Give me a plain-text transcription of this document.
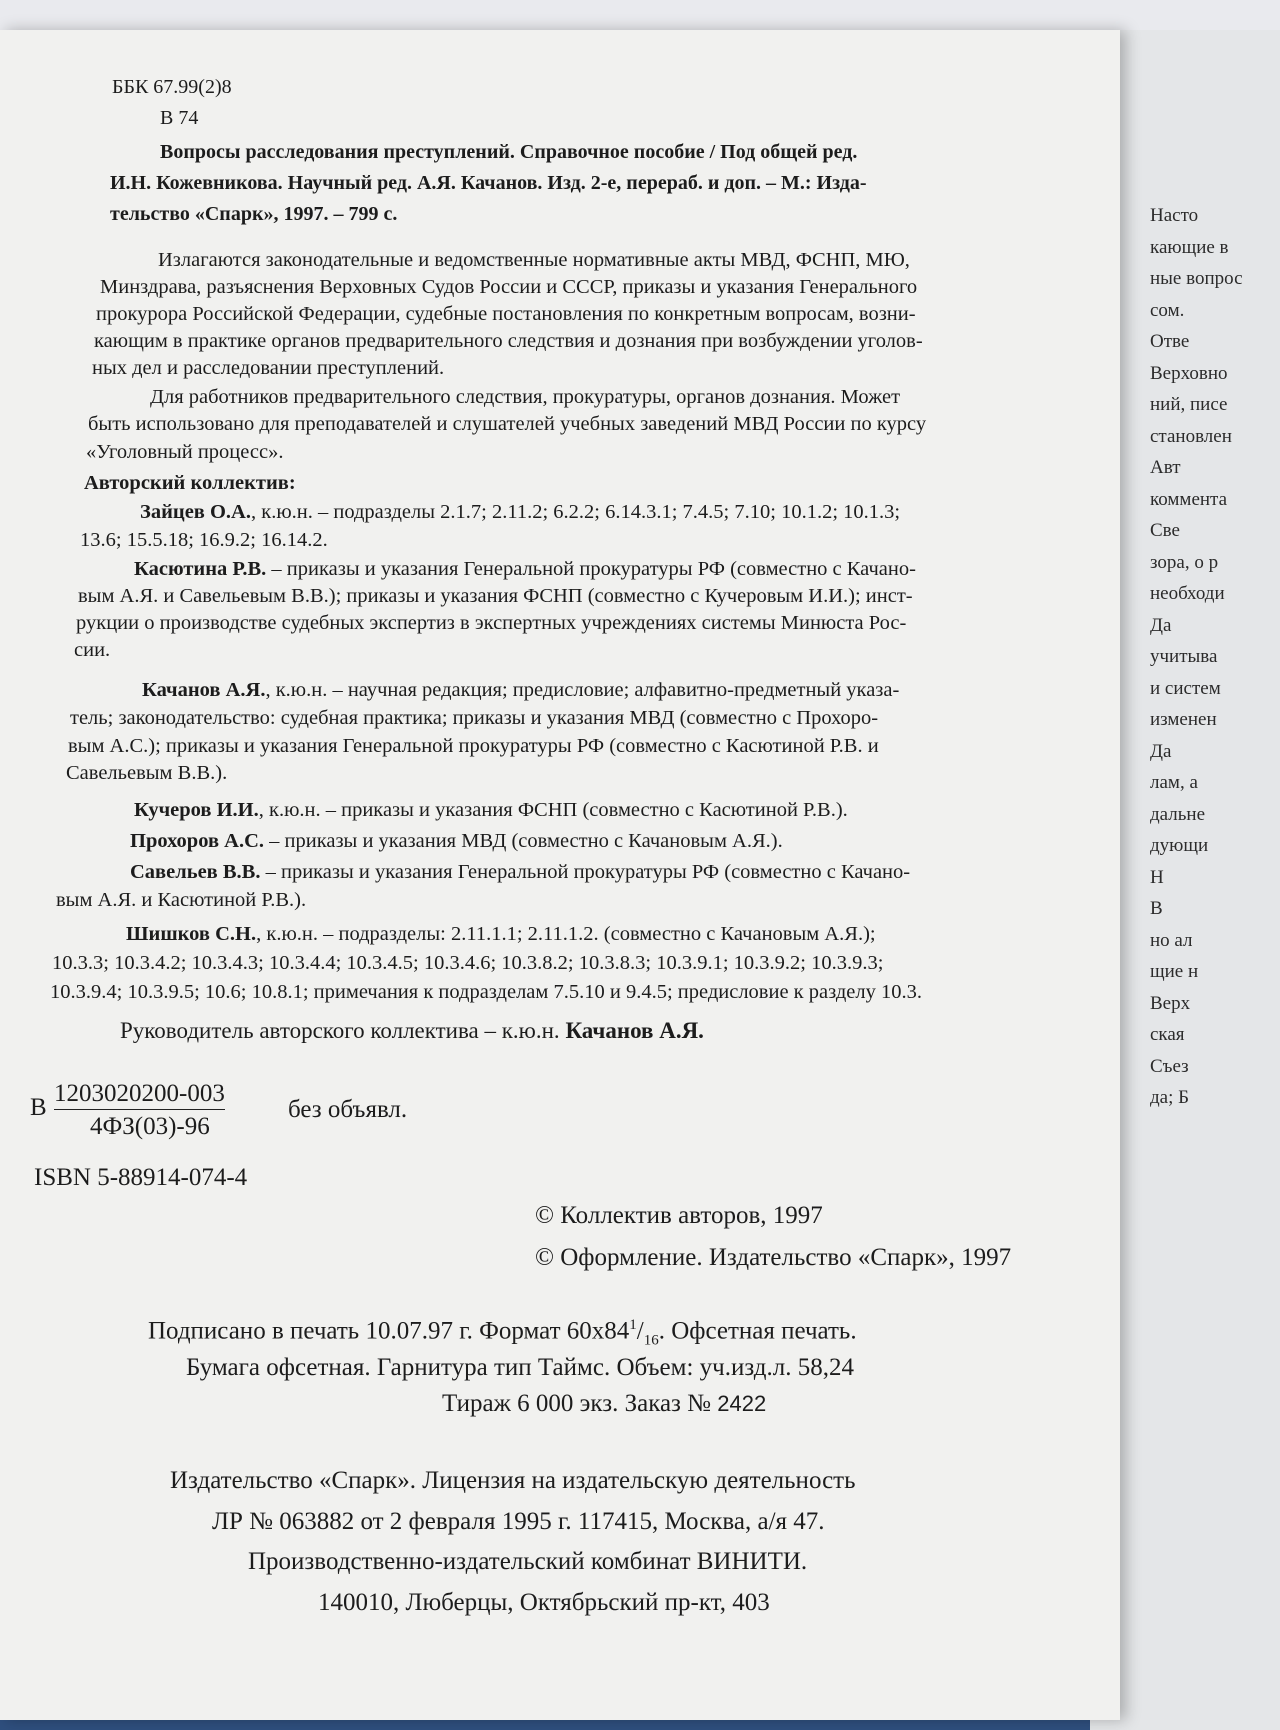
Насто
кающие в
ные вопрос
сом.
Отве
Верховно
ний, писе
становлен
Авт
коммента
Све
зора, о р
необходи
Да
учитыва
и систем
изменен
Да
лам, а
дальне
дующи
Н
В
но ал
щие н
Верх
ская
Съез
да; Б
ББК 67.99(2)8
В 74
Вопросы расследования преступлений. Справочное пособие / Под общей ред.
И.Н. Кожевникова. Научный ред. А.Я. Качанов. Изд. 2-е, перераб. и доп. – М.: Изда-
тельство «Спарк», 1997. – 799 с.
Излагаются законодательные и ведомственные нормативные акты МВД, ФСНП, МЮ,
Минздрава, разъяснения Верховных Судов России и СССР, приказы и указания Генерального
прокурора Российской Федерации, судебные постановления по конкретным вопросам, возни-
кающим в практике органов предварительного следствия и дознания при возбуждении уголов-
ных дел и расследовании преступлений.
Для работников предварительного следствия, прокуратуры, органов дознания. Может
быть использовано для преподавателей и слушателей учебных заведений МВД России по курсу
«Уголовный процесс».
Авторский коллектив:
Зайцев О.А., к.ю.н. – подразделы 2.1.7; 2.11.2; 6.2.2; 6.14.3.1; 7.4.5; 7.10; 10.1.2; 10.1.3;
13.6; 15.5.18; 16.9.2; 16.14.2.
Касютина Р.В. – приказы и указания Генеральной прокуратуры РФ (совместно с Качано-
вым А.Я. и Савельевым В.В.); приказы и указания ФСНП (совместно с Кучеровым И.И.); инст-
рукции о производстве судебных экспертиз в экспертных учреждениях системы Минюста Рос-
сии.
Качанов А.Я., к.ю.н. – научная редакция; предисловие; алфавитно-предметный указа-
тель; законодательство: судебная практика; приказы и указания МВД (совместно с Прохоро-
вым А.С.); приказы и указания Генеральной прокуратуры РФ (совместно с Касютиной Р.В. и
Савельевым В.В.).
Кучеров И.И., к.ю.н. – приказы и указания ФСНП (совместно с Касютиной Р.В.).
Прохоров А.С. – приказы и указания МВД (совместно с Качановым А.Я.).
Савельев В.В. – приказы и указания Генеральной прокуратуры РФ (совместно с Качано-
вым А.Я. и Касютиной Р.В.).
Шишков С.Н., к.ю.н. – подразделы: 2.11.1.1; 2.11.1.2. (совместно с Качановым А.Я.);
10.3.3; 10.3.4.2; 10.3.4.3; 10.3.4.4; 10.3.4.5; 10.3.4.6; 10.3.8.2; 10.3.8.3; 10.3.9.1; 10.3.9.2; 10.3.9.3;
10.3.9.4; 10.3.9.5; 10.6; 10.8.1; примечания к подразделам 7.5.10 и 9.4.5; предисловие к разделу 10.3.
Руководитель авторского коллектива – к.ю.н. Качанов А.Я.
В
1203020200-003
4ФЗ(03)-96
без объявл.
ISBN 5-88914-074-4
© Коллектив авторов, 1997
© Оформление. Издательство «Спарк», 1997
Подписано в печать 10.07.97 г. Формат $60х84^1/_{16}$. Офсетная печать.
Бумага офсетная. Гарнитура тип Таймс. Объем: уч.изд.л. 58,24
Тираж 6 000 экз. Заказ № 2422
Издательство «Спарк». Лицензия на издательскую деятельность
ЛР № 063882 от 2 февраля 1995 г. 117415, Москва, а/я 47.
Производственно-издательский комбинат ВИНИТИ.
140010, Люберцы, Октябрьский пр-кт, 403
